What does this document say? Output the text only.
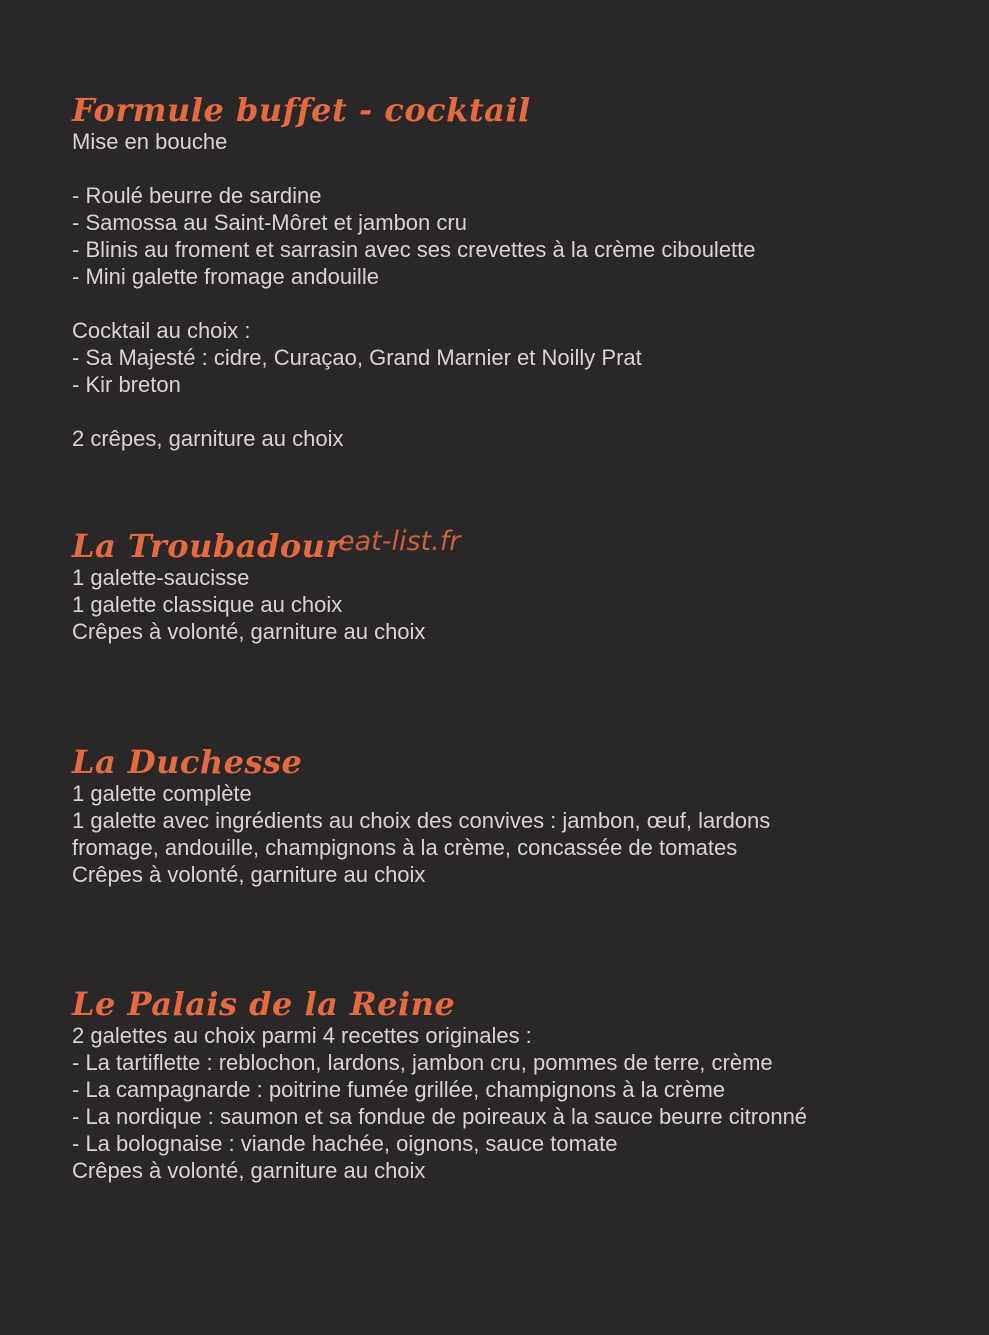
Formule buffet - cocktail
Mise en bouche
- Roulé beurre de sardine
- Samossa au Saint-Môret et jambon cru
- Blinis au froment et sarrasin avec ses crevettes à la crème ciboulette
- Mini galette fromage andouille
Cocktail au choix :
- Sa Majesté : cidre, Curaçao, Grand Marnier et Noilly Prat
- Kir breton
2 crêpes, garniture au choix
La Troubadour
1 galette-saucisse
1 galette classique au choix
Crêpes à volonté, garniture au choix
eat-list.fr
La Duchesse
1 galette complète
1 galette avec ingrédients au choix des convives : jambon, œuf, lardons
fromage, andouille, champignons à la crème, concassée de tomates
Crêpes à volonté, garniture au choix
Le Palais de la Reine
2 galettes au choix parmi 4 recettes originales :
- La tartiflette : reblochon, lardons, jambon cru, pommes de terre, crème
- La campagnarde : poitrine fumée grillée, champignons à la crème
- La nordique : saumon et sa fondue de poireaux à la sauce beurre citronné
- La bolognaise : viande hachée, oignons, sauce tomate
Crêpes à volonté, garniture au choix
